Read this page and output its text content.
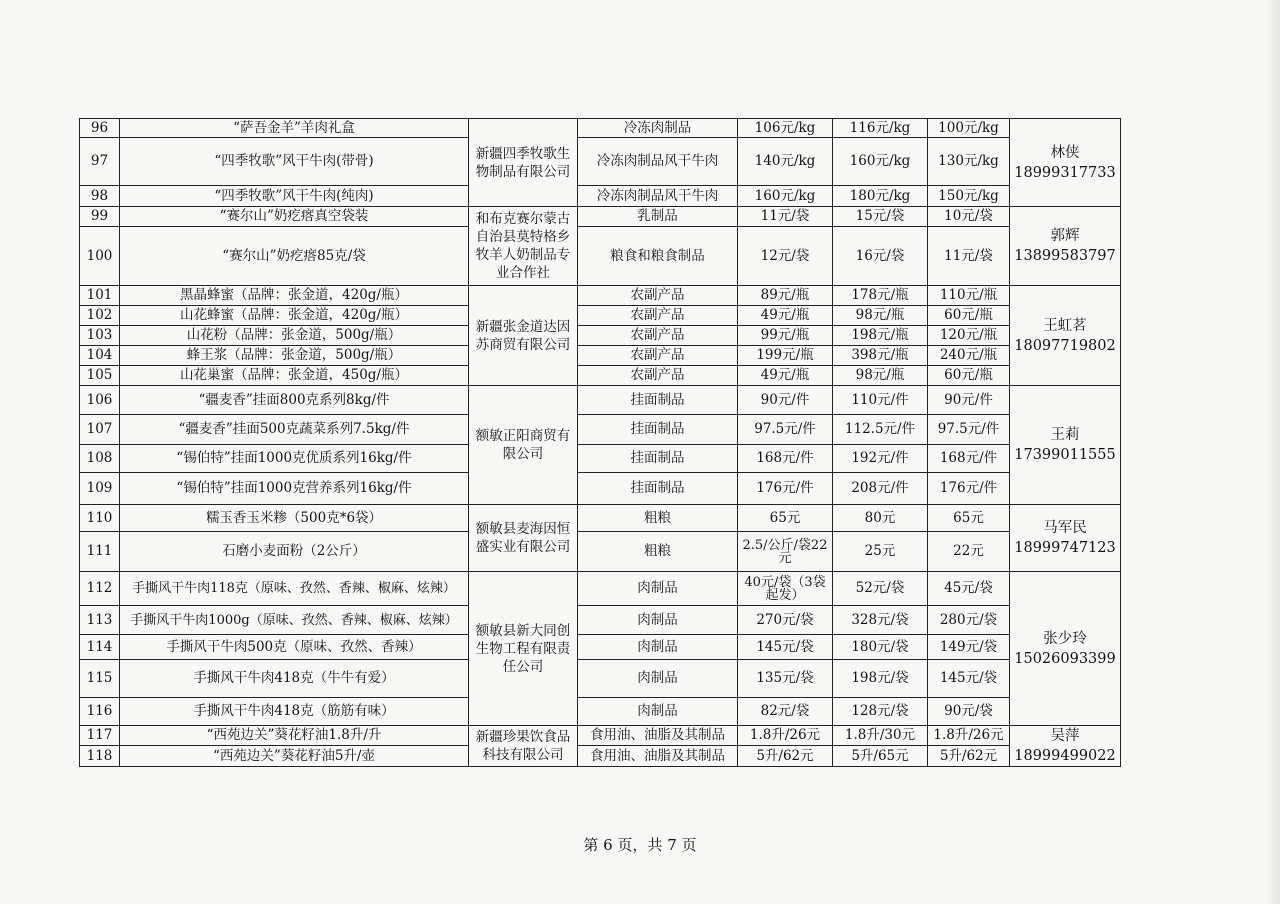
96	“萨吾金羊”羊肉礼盒	新疆四季牧歌生物制品有限公司	冷冻肉制品	106元/kg	116元/kg	100元/kg	林侠
18999317733

97	“四季牧歌”风干牛肉(带骨)		冷冻肉制品风干牛肉	140元/kg	160元/kg	130元/kg	
98	“四季牧歌”风干牛肉(纯肉)		冷冻肉制品风干牛肉	160元/kg	180元/kg	150元/kg	
99	“赛尔山”奶疙瘩真空袋装	和布克赛尔蒙古自治县莫特格乡牧羊人奶制品专业合作社	乳制品	11元/袋	15元/袋	10元/袋	郭辉
13899583797

100	“赛尔山”奶疙瘩85克/袋		粮食和粮食制品	12元/袋	16元/袋	11元/袋	
101	黑晶蜂蜜（品牌：张金道，420g/瓶）	新疆张金道达因苏商贸有限公司	农副产品	89元/瓶	178元/瓶	110元/瓶	王虹茗
18097719802

102	山花蜂蜜（品牌：张金道，420g/瓶）		农副产品	49元/瓶	98元/瓶	60元/瓶	
103	山花粉（品牌：张金道，500g/瓶）		农副产品	99元/瓶	198元/瓶	120元/瓶	
104	蜂王浆（品牌：张金道，500g/瓶）		农副产品	199元/瓶	398元/瓶	240元/瓶	
105	山花巢蜜（品牌：张金道，450g/瓶）		农副产品	49元/瓶	98元/瓶	60元/瓶	
106	“疆麦香”挂面800克系列8kg/件	额敏正阳商贸有限公司	挂面制品	90元/件	110元/件	90元/件	王莉
17399011555

107	“疆麦香”挂面500克蔬菜系列7.5kg/件		挂面制品	97.5元/件	112.5元/件	97.5元/件	
108	“锡伯特”挂面1000克优质系列16kg/件		挂面制品	168元/件	192元/件	168元/件	
109	“锡伯特”挂面1000克营养系列16kg/件		挂面制品	176元/件	208元/件	176元/件	
110	糯玉香玉米糁（500克*6袋）	额敏县麦海因恒盛实业有限公司	粗粮	65元	80元	65元	马军民
18999747123

111	石磨小麦面粉（2公斤）		粗粮	2.5/公斤/袋22元	25元	22元	
112	手撕风干牛肉118克（原味、孜然、香辣、椒麻、炫辣）	额敏县新大同创生物工程有限责任公司	肉制品	40元/袋（3袋起发）	52元/袋	45元/袋	张少玲
15026093399

113	手撕风干牛肉1000g（原味、孜然、香辣、椒麻、炫辣）		肉制品	270元/袋	328元/袋	280元/袋	
114	手撕风干牛肉500克（原味、孜然、香辣）		肉制品	145元/袋	180元/袋	149元/袋	
115	手撕风干牛肉418克（牛牛有爱）		肉制品	135元/袋	198元/袋	145元/袋	
116	手撕风干牛肉418克（筋筋有味）		肉制品	82元/袋	128元/袋	90元/袋	
117	“西苑边关”葵花籽油1.8升/升	新疆珍果饮食品科技有限公司	食用油、油脂及其制品	1.8升/26元	1.8升/30元	1.8升/26元	吴萍
18999499022

118	“西苑边关”葵花籽油5升/壶		食用油、油脂及其制品	5升/62元	5升/65元	5升/62元	
第 6 页，共 7 页
